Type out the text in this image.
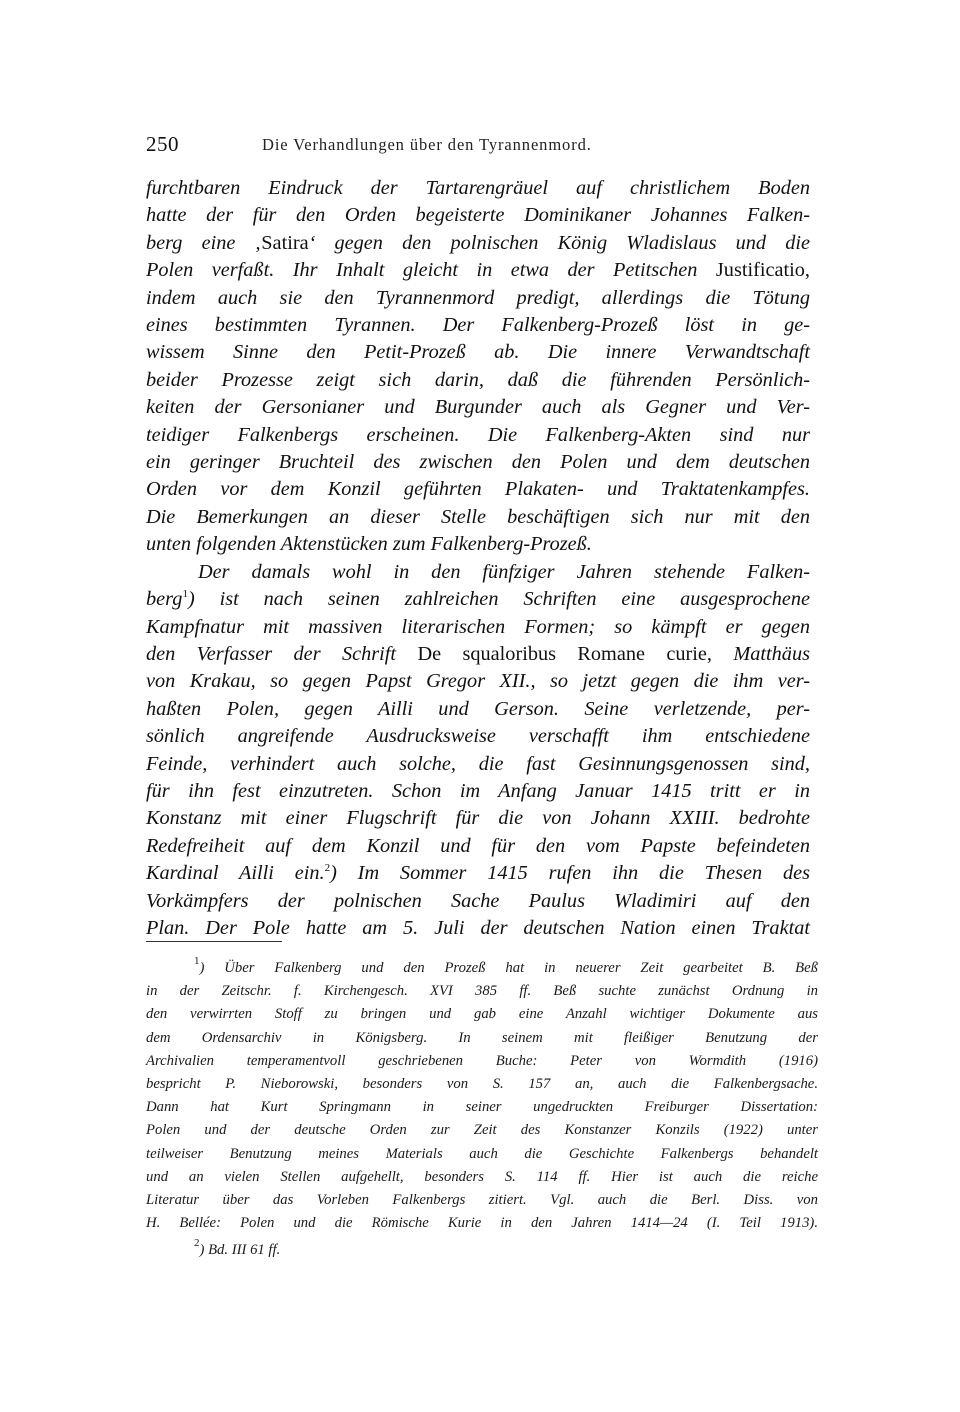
250	Die Verhandlungen über den Tyrannenmord.
furchtbaren Eindruck der Tartarengräuel auf christlichem Boden
hatte der für den Orden begeisterte Dominikaner Johannes Falken-
berg eine ‚Satira‘ gegen den polnischen König Wladislaus und die
Polen verfaßt. Ihr Inhalt gleicht in etwa der Petitschen Justificatio,
indem auch sie den Tyrannenmord predigt, allerdings die Tötung
eines bestimmten Tyrannen. Der Falkenberg-Prozeß löst in ge-
wissem Sinne den Petit-Prozeß ab. Die innere Verwandtschaft
beider Prozesse zeigt sich darin, daß die führenden Persönlich-
keiten der Gersonianer und Burgunder auch als Gegner und Ver-
teidiger Falkenbergs erscheinen. Die Falkenberg-Akten sind nur
ein geringer Bruchteil des zwischen den Polen und dem deutschen
Orden vor dem Konzil geführten Plakaten- und Traktatenkampfes.
Die Bemerkungen an dieser Stelle beschäftigen sich nur mit den
unten folgenden Aktenstücken zum Falkenberg-Prozeß.
Der damals wohl in den fünfziger Jahren stehende Falken-
berg$^1$) ist nach seinen zahlreichen Schriften eine ausgesprochene
Kampfnatur mit massiven literarischen Formen; so kämpft er gegen
den Verfasser der Schrift De squaloribus Romane curie, Matthäus
von Krakau, so gegen Papst Gregor XII., so jetzt gegen die ihm ver-
haßten Polen, gegen Ailli und Gerson. Seine verletzende, per-
sönlich angreifende Ausdrucksweise verschafft ihm entschiedene
Feinde, verhindert auch solche, die fast Gesinnungsgenossen sind,
für ihn fest einzutreten. Schon im Anfang Januar 1415 tritt er in
Konstanz mit einer Flugschrift für die von Johann XXIII. bedrohte
Redefreiheit auf dem Konzil und für den vom Papste befeindeten
Kardinal Ailli ein.$^2$) Im Sommer 1415 rufen ihn die Thesen des
Vorkämpfers der polnischen Sache Paulus Wladimiri auf den
Plan. Der Pole hatte am 5. Juli der deutschen Nation einen Traktat
$^1$) Über Falkenberg und den Prozeß hat in neuerer Zeit gearbeitet B. Beß
in der Zeitschr. f. Kirchengesch. XVI 385 ff. Beß suchte zunächst Ordnung in
den verwirrten Stoff zu bringen und gab eine Anzahl wichtiger Dokumente aus
dem Ordensarchiv in Königsberg. In seinem mit fleißiger Benutzung der
Archivalien temperamentvoll geschriebenen Buche: Peter von Wormdith (1916)
bespricht P. Nieborowski, besonders von S. 157 an, auch die Falkenbergsache.
Dann hat Kurt Springmann in seiner ungedruckten Freiburger Dissertation:
Polen und der deutsche Orden zur Zeit des Konstanzer Konzils (1922) unter
teilweiser Benutzung meines Materials auch die Geschichte Falkenbergs behandelt
und an vielen Stellen aufgehellt, besonders S. 114 ff. Hier ist auch die reiche
Literatur über das Vorleben Falkenbergs zitiert. Vgl. auch die Berl. Diss. von
H. Bellée: Polen und die Römische Kurie in den Jahren 1414—24 (I. Teil 1913).
$^2$) Bd. III 61 ff.
